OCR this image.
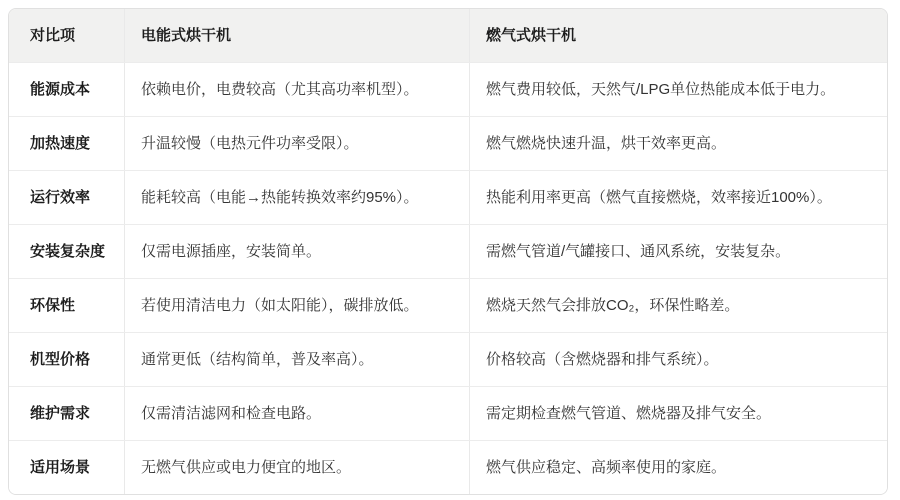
对比项	电能式烘干机	燃气式烘干机
能源成本	依赖电价，电费较高（尤其高功率机型）。	燃气费用较低，天然气/LPG单位热能成本低于电力。
加热速度	升温较慢（电热元件功率受限）。	燃气燃烧快速升温，烘干效率更高。
运行效率	能耗较高（电能→热能转换效率约95%）。	热能利用率更高（燃气直接燃烧，效率接近100%）。
安装复杂度	仅需电源插座，安装简单。	需燃气管道/气罐接口、通风系统，安装复杂。
环保性	若使用清洁电力（如太阳能），碳排放低。	燃烧天然气会排放CO₂，环保性略差。
机型价格	通常更低（结构简单，普及率高）。	价格较高（含燃烧器和排气系统）。
维护需求	仅需清洁滤网和检查电路。	需定期检查燃气管道、燃烧器及排气安全。
适用场景	无燃气供应或电力便宜的地区。	燃气供应稳定、高频率使用的家庭。
